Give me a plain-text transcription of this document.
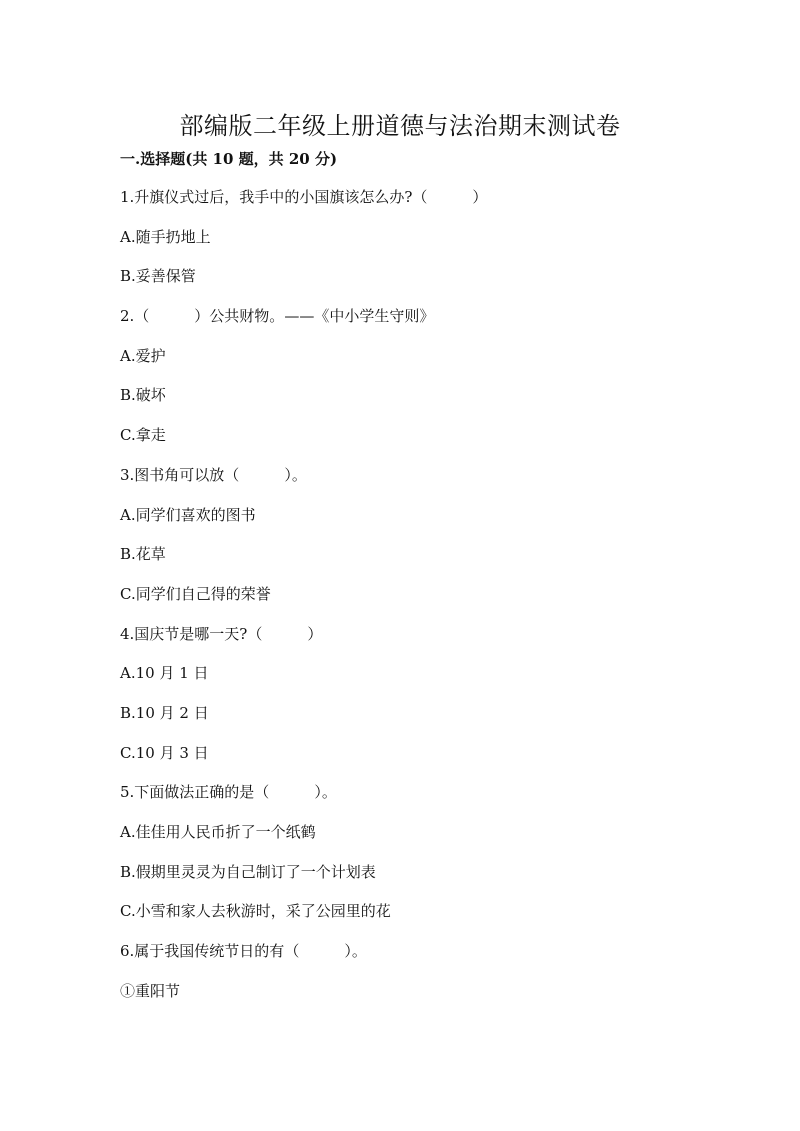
部编版二年级上册道德与法治期末测试卷
一.选择题(共 10 题，共 20 分)
1.升旗仪式过后，我手中的小国旗该怎么办?（　　　）
A.随手扔地上
B.妥善保管
2.（　　　）公共财物。——《中小学生守则》
A.爱护
B.破坏
C.拿走
3.图书角可以放（　　　）。
A.同学们喜欢的图书
B.花草
C.同学们自己得的荣誉
4.国庆节是哪一天?（　　　）
A.10 月 1 日
B.10 月 2 日
C.10 月 3 日
5.下面做法正确的是（　　　）。
A.佳佳用人民币折了一个纸鹤
B.假期里灵灵为自己制订了一个计划表
C.小雪和家人去秋游时，采了公园里的花
6.属于我国传统节日的有（　　　）。
①重阳节
